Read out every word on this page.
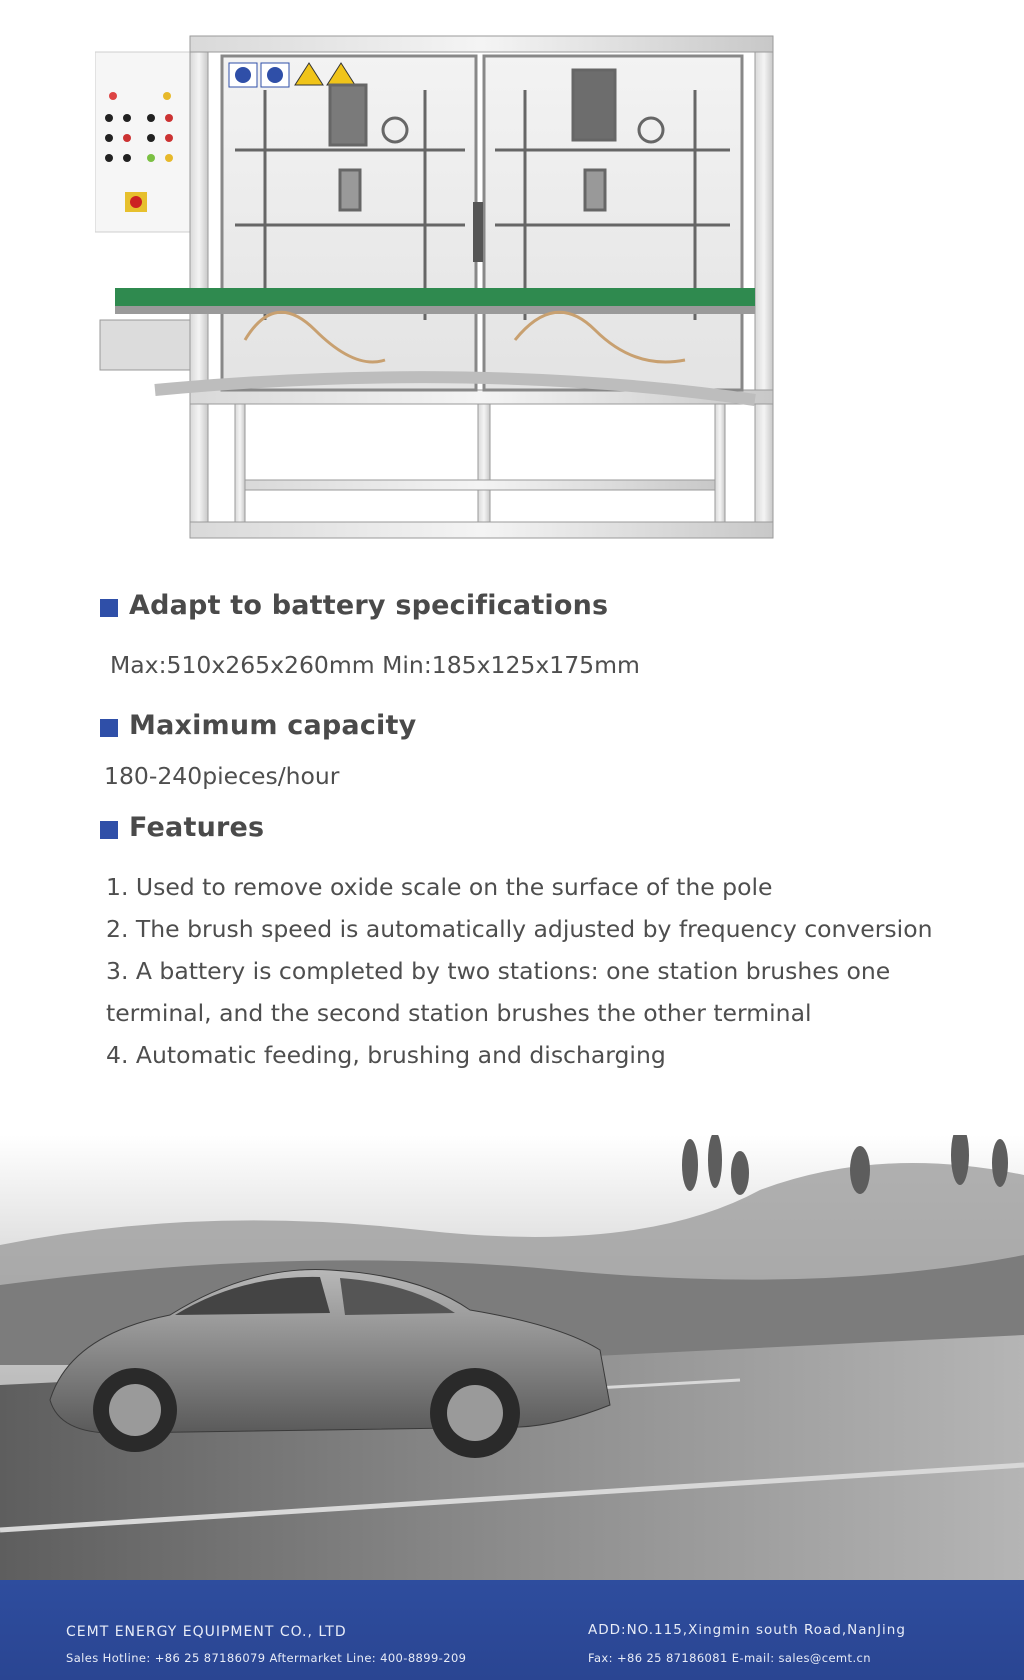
Adapt to battery specifications
Max:510x265x260mm Min:185x125x175mm
Maximum capacity
180-240pieces/hour
Features
1. Used to remove oxide scale on the surface of the pole
2. The brush speed is automatically adjusted by frequency conversion
3. A battery is completed by two stations: one station brushes one
terminal, and the second station brushes the other terminal
4. Automatic feeding, brushing and discharging
CEMT ENERGY EQUIPMENT CO., LTD
Sales Hotline: +86 25 87186079 Aftermarket Line: 400-8899-209
ADD:NO.115,Xingmin south Road,NanJing
Fax: +86 25 87186081 E-mail: sales@cemt.cn
